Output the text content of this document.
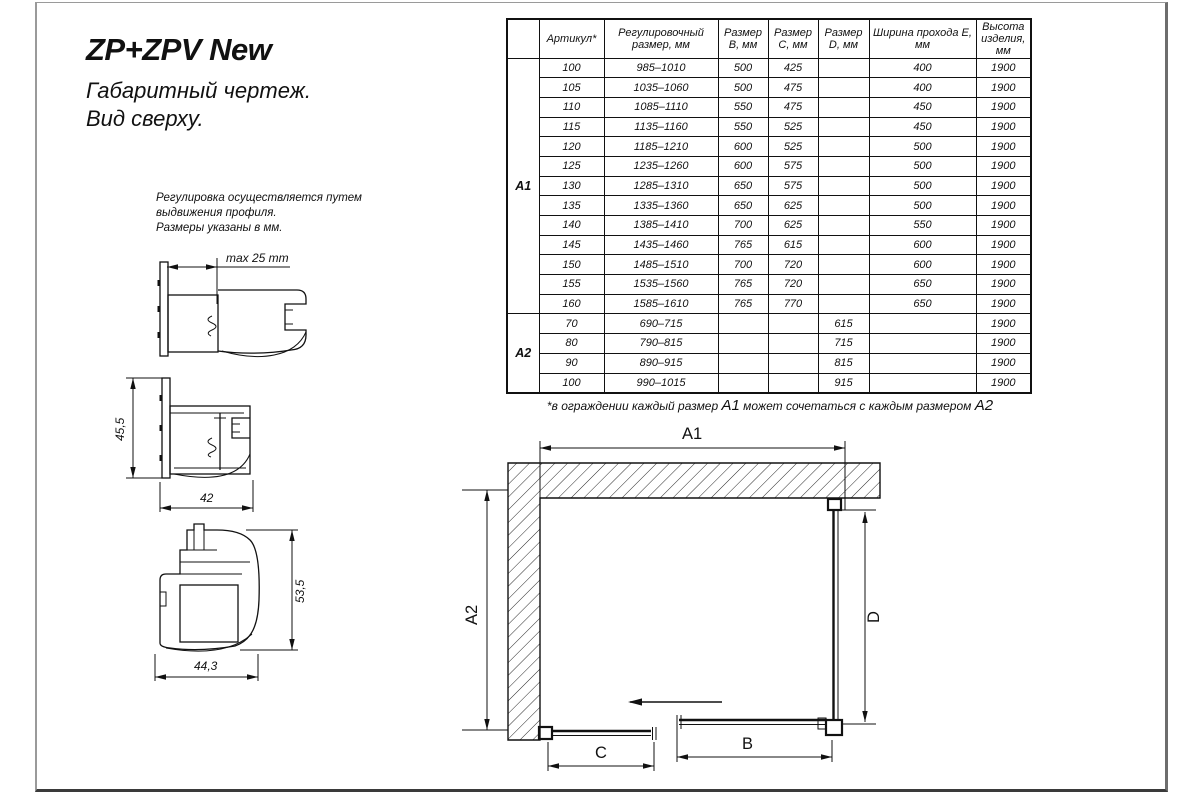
ZP+ZPV New
Габаритный чертеж.
Вид сверху.
Регулировка осуществляется путем
выдвижения профиля.
Размеры указаны в мм.
max 25 mm
45,5
42
53,5
44,3
A1
A2	D
B
C
	Артикул*	Регулировочный размер, мм	Размер B, мм	Размер C, мм	Размер D, мм	Ширина прохода E, мм	Высота изделия, мм
A1	100	985–1010	500	425		400	1900
	105	1035–1060	500	475		400	1900
	110	1085–1110	550	475		450	1900
	115	1135–1160	550	525		450	1900
	120	1185–1210	600	525		500	1900
	125	1235–1260	600	575		500	1900
	130	1285–1310	650	575		500	1900
	135	1335–1360	650	625		500	1900
	140	1385–1410	700	625		550	1900
	145	1435–1460	765	615		600	1900
	150	1485–1510	700	720		600	1900
	155	1535–1560	765	720		650	1900
	160	1585–1610	765	770		650	1900
A2	70	690–715			615		1900
	80	790–815			715		1900
	90	890–915			815		1900
	100	990–1015			915		1900
*в ограждении каждый размер А1 может сочетаться с каждым размером А2
